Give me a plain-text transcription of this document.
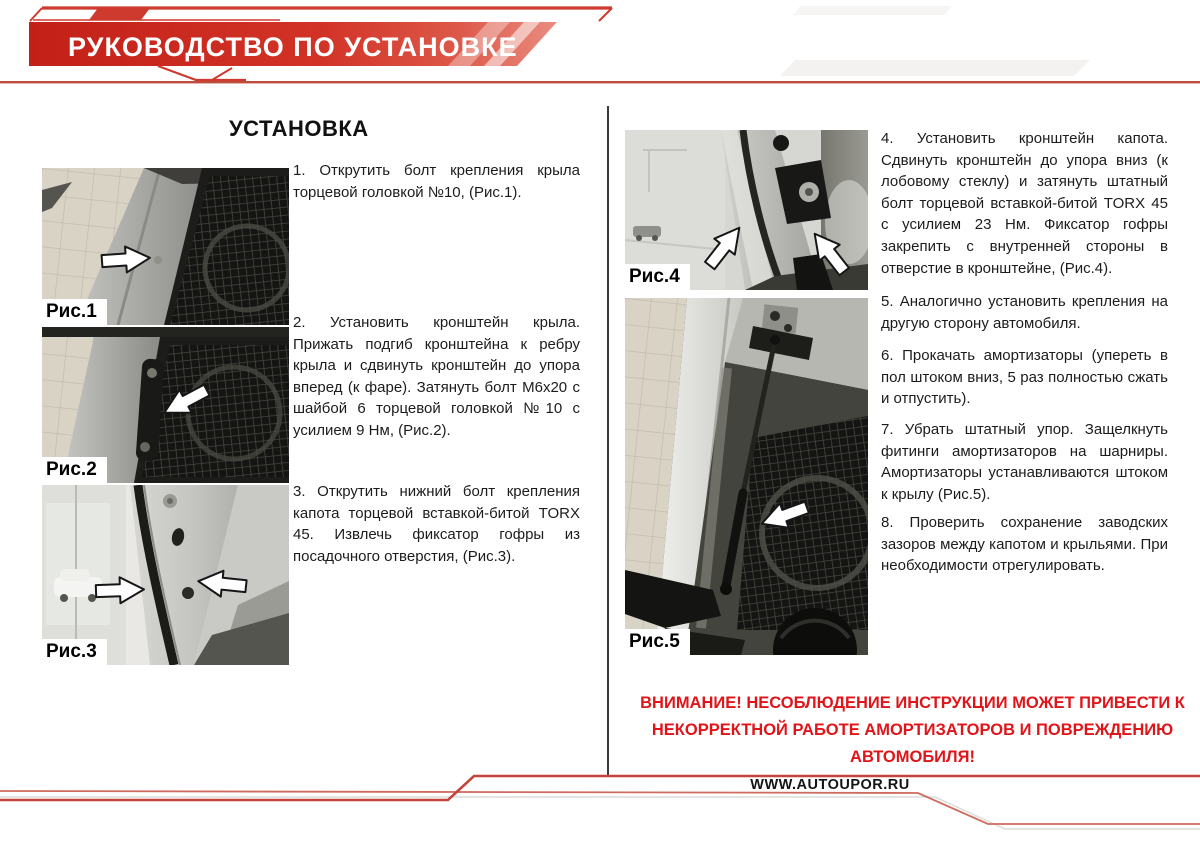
РУКОВОДСТВО ПО УСТАНОВКЕ
УСТАНОВКА
Рис.1
Рис.2
Рис.3
Рис.4
Рис.5

1. Открутить болт крепления крыла торцевой головкой №10, (Рис.1).

2. Установить кронштейн крыла. Прижать подгиб кронштейна к ребру крыла и сдвинуть кронштейн до упора вперед (к фаре). Затянуть болт М6х20 с шайбой 6 торцевой головкой №10 с усилием 9 Нм, (Рис.2).

3. Открутить нижний болт крепления капота торцевой вставкой-битой TORX 45. Извлечь фиксатор гофры из посадочного отверстия, (Рис.3).

4. Установить кронштейн капота. Сдвинуть кронштейн до упора вниз (к лобовому стеклу) и затянуть штатный болт торцевой вставкой-битой TORX 45 с усилием 23 Нм. Фиксатор гофры закрепить с внутренней стороны в отверстие в кронштейне, (Рис.4).

5. Аналогично установить крепления на другую сторону автомобиля.

6. Прокачать амортизаторы (упереть в пол штоком вниз, 5 раз полностью сжать и отпустить).

7. Убрать штатный упор. Защелкнуть фитинги амортизаторов на шарниры. Амортизаторы устанавливаются штоком к крылу (Рис.5).

8. Проверить сохранение заводских зазоров между капотом и крыльями. При необходимости отрегулировать.

ВНИМАНИЕ! НЕСОБЛЮДЕНИЕ ИНСТРУКЦИИ МОЖЕТ ПРИВЕСТИ К НЕКОРРЕКТНОЙ РАБОТЕ АМОРТИЗАТОРОВ И ПОВРЕЖДЕНИЮ АВТОМОБИЛЯ!
WWW.AUTOUPOR.RU
